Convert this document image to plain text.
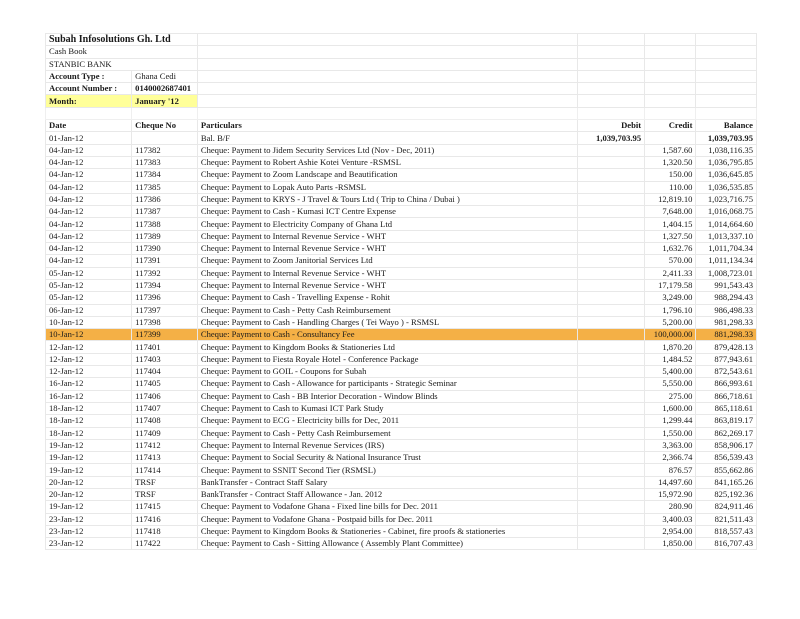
Subah Infosolutions Gh. Ltd					
Cash Book					
STANBIC BANK					
Account Type :	Ghana Cedi				
Account Number :	0140002687401				
Month:	January '12				

Date	Cheque No	Particulars	Debit	Credit	Balance
01-Jan-12		Bal. B/F	1,039,703.95		1,039,703.95
04-Jan-12	117382	Cheque: Payment to Jidem Security Services Ltd (Nov - Dec, 2011)		1,587.60	1,038,116.35
04-Jan-12	117383	Cheque: Payment to Robert Ashie Kotei Venture -RSMSL		1,320.50	1,036,795.85
04-Jan-12	117384	Cheque: Payment to Zoom Landscape and Beautification		150.00	1,036,645.85
04-Jan-12	117385	Cheque: Payment to Lopak Auto Parts -RSMSL		110.00	1,036,535.85
04-Jan-12	117386	Cheque: Payment to KRYS - J Travel & Tours Ltd ( Trip to China / Dubai )		12,819.10	1,023,716.75
04-Jan-12	117387	Cheque: Payment to Cash - Kumasi ICT Centre Expense		7,648.00	1,016,068.75
04-Jan-12	117388	Cheque: Payment to Electricity Company of Ghana Ltd		1,404.15	1,014,664.60
04-Jan-12	117389	Cheque: Payment to Internal Revenue Service - WHT		1,327.50	1,013,337.10
04-Jan-12	117390	Cheque: Payment to Internal Revenue Service - WHT		1,632.76	1,011,704.34
04-Jan-12	117391	Cheque: Payment to Zoom Janitorial Services Ltd		570.00	1,011,134.34
05-Jan-12	117392	Cheque: Payment to Internal Revenue Service - WHT		2,411.33	1,008,723.01
05-Jan-12	117394	Cheque: Payment to Internal Revenue Service - WHT		17,179.58	991,543.43
05-Jan-12	117396	Cheque: Payment to Cash - Travelling Expense - Rohit		3,249.00	988,294.43
06-Jan-12	117397	Cheque: Payment to Cash - Petty Cash Reimbursement		1,796.10	986,498.33
10-Jan-12	117398	Cheque: Payment to Cash - Handling Charges ( Tei Wayo ) - RSMSL		5,200.00	981,298.33
10-Jan-12	117399	Cheque: Payment to Cash - Consultancy Fee		100,000.00	881,298.33
12-Jan-12	117401	Cheque: Payment to Kingdom Books & Stationeries Ltd		1,870.20	879,428.13
12-Jan-12	117403	Cheque: Payment to Fiesta Royale Hotel - Conference Package		1,484.52	877,943.61
12-Jan-12	117404	Cheque: Payment to GOIL - Coupons for Subah		5,400.00	872,543.61
16-Jan-12	117405	Cheque: Payment to Cash - Allowance for participants - Strategic Seminar		5,550.00	866,993.61
16-Jan-12	117406	Cheque: Payment to Cash - BB Interior Decoration - Window Blinds		275.00	866,718.61
18-Jan-12	117407	Cheque: Payment to Cash to Kumasi ICT Park Study		1,600.00	865,118.61
18-Jan-12	117408	Cheque: Payment to ECG - Electricity bills for Dec, 2011		1,299.44	863,819.17
18-Jan-12	117409	Cheque: Payment to Cash - Petty Cash Reimbursement		1,550.00	862,269.17
19-Jan-12	117412	Cheque: Payment to Internal Revenue Services (IRS)		3,363.00	858,906.17
19-Jan-12	117413	Cheque: Payment to Social Security & National Insurance Trust		2,366.74	856,539.43
19-Jan-12	117414	Cheque: Payment to SSNIT Second Tier (RSMSL)		876.57	855,662.86
20-Jan-12	TRSF	BankTransfer - Contract Staff Salary		14,497.60	841,165.26
20-Jan-12	TRSF	BankTransfer - Contract Staff Allowance - Jan. 2012		15,972.90	825,192.36
19-Jan-12	117415	Cheque: Payment to Vodafone Ghana - Fixed line bills for Dec. 2011		280.90	824,911.46
23-Jan-12	117416	Cheque: Payment to Vodafone Ghana - Postpaid bills for Dec. 2011		3,400.03	821,511.43
23-Jan-12	117418	Cheque: Payment to Kingdom Books & Stationeries - Cabinet, fire proofs & stationeries		2,954.00	818,557.43
23-Jan-12	117422	Cheque: Payment to Cash - Sitting Allowance ( Assembly Plant Committee)		1,850.00	816,707.43
